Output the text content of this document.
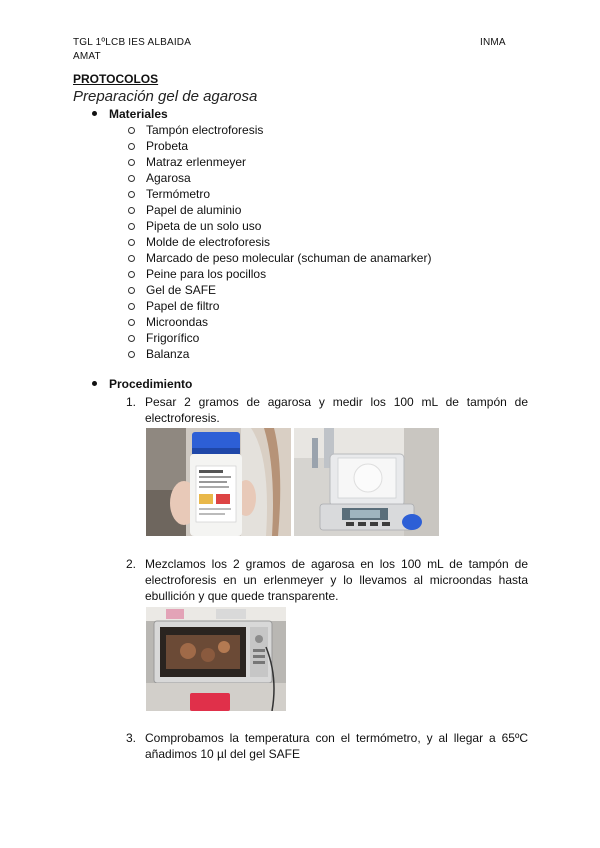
TGL 1ºLCB IES ALBAIDA AMAT
INMA
PROTOCOLOS
Preparación gel de agarosa
Materiales
Tampón electroforesis
Probeta
Matraz erlenmeyer
Agarosa
Termómetro
Papel de aluminio
Pipeta de un solo uso
Molde de electroforesis
Marcado de peso molecular (schuman de anamarker)
Peine para los pocillos
Gel de SAFE
Papel de filtro
Microondas
Frigorífico
Balanza
Procedimiento
1. Pesar 2 gramos de agarosa y medir los 100 mL de tampón de electroforesis.
2. Mezclamos los 2 gramos de agarosa en los 100 mL de tampón de electroforesis en un erlenmeyer y lo llevamos al microondas hasta ebullición y que quede transparente.
3. Comprobamos la temperatura con el termómetro, y al llegar a 65ºC añadimos 10 µl del gel SAFE
